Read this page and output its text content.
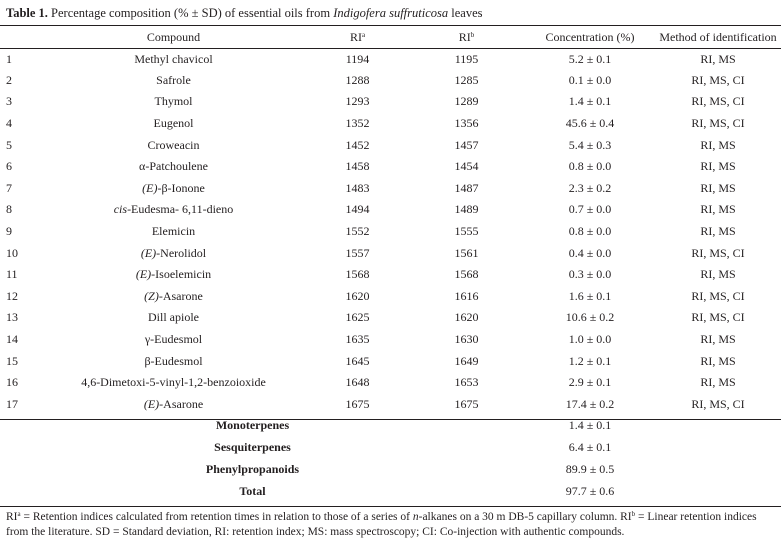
Table 1. Percentage composition (% ± SD) of essential oils from Indigofera suffruticosa leaves
	Compound	$RI^a$	$RI^b$	Concentration (%)	Method of identification
1	Methyl chavicol	1194	1195	5.2 ± 0.1	RI, MS
2	Safrole	1288	1285	0.1 ± 0.0	RI, MS, CI
3	Thymol	1293	1289	1.4 ± 0.1	RI, MS, CI
4	Eugenol	1352	1356	45.6 ± 0.4	RI, MS, CI
5	Croweacin	1452	1457	5.4 ± 0.3	RI, MS
6	α-Patchoulene	1458	1454	0.8 ± 0.0	RI, MS
7	(E)-β-Ionone	1483	1487	2.3 ± 0.2	RI, MS
8	cis-Eudesma- 6,11-dieno	1494	1489	0.7 ± 0.0	RI, MS
9	Elemicin	1552	1555	0.8 ± 0.0	RI, MS
10	(E)-Nerolidol	1557	1561	0.4 ± 0.0	RI, MS, CI
11	(E)-Isoelemicin	1568	1568	0.3 ± 0.0	RI, MS
12	(Z)-Asarone	1620	1616	1.6 ± 0.1	RI, MS, CI
13	Dill apiole	1625	1620	10.6 ± 0.2	RI, MS, CI
14	γ-Eudesmol	1635	1630	1.0 ± 0.0	RI, MS
15	β-Eudesmol	1645	1649	1.2 ± 0.1	RI, MS
16	4,6-Dimetoxi-5-vinyl-1,2-benzoioxide	1648	1653	2.9 ± 0.1	RI, MS
17	(E)-Asarone	1675	1675	17.4 ± 0.2	RI, MS, CI
	Monoterpenes			1.4 ± 0.1	
	Sesquiterpenes			6.4 ± 0.1	
	Phenylpropanoids			89.9 ± 0.5	
	Total			97.7 ± 0.6	
$RI^a$ = Retention indices calculated from retention times in relation to those of a series of n-alkanes on a 30 m DB-5 capillary column. $RI^b$ = Linear retention indices from the literature. SD = Standard deviation, RI: retention index; MS: mass spectroscopy; CI: Co-injection with authentic compounds.
